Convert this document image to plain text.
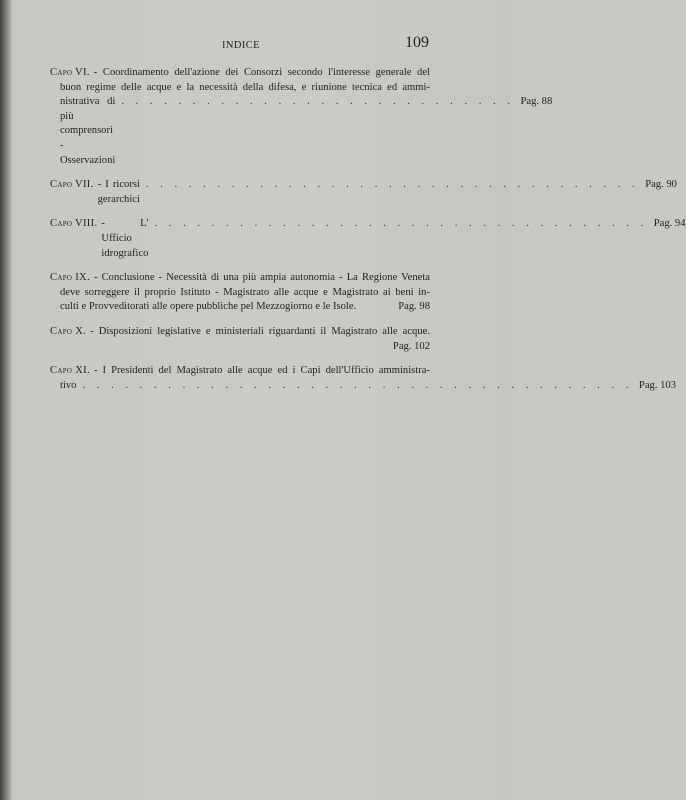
INDICE	109
Capo VI. - Coordinamento dell'azione dei Consorzi secondo l'interesse generale del
buon regime delle acque e la necessità della difesa, e riunione tecnica ed ammi-
nistrativa di più comprensori - Osservazioni
. . . . . . . . . . . . . . . . . . . . . . . . . . . . Pag. 88
Capo VII. - I ricorsi gerarchici
. . . . . . . . . . . . . . . . . . . . . . . . . . . . . . . . . . . Pag. 90
Capo VIII. - L' Ufficio idrografico
. . . . . . . . . . . . . . . . . . . . . . . . . . . . . . . . . . . Pag. 94
Capo IX. - Conclusione - Necessità di una più ampia autonomia - La Regione Veneta
deve sorreggere il proprio Istituto - Magistrato alle acque e Magistrato ai beni in-
culti e Provveditorati alle opere pubbliche pel Mezzogiorno e le Isole.	Pag. 98
Capo X. - Disposizioni legislative e ministeriali riguardanti il Magistrato alle acque.
Pag. 102
Capo XI. - I Presidenti del Magistrato alle acque ed i Capi dell'Ufficio amministra-
tivo . . . . . . . . . . . . . . . . . . . . . . . . . . . . . . . . . . . . . . . Pag. 103
